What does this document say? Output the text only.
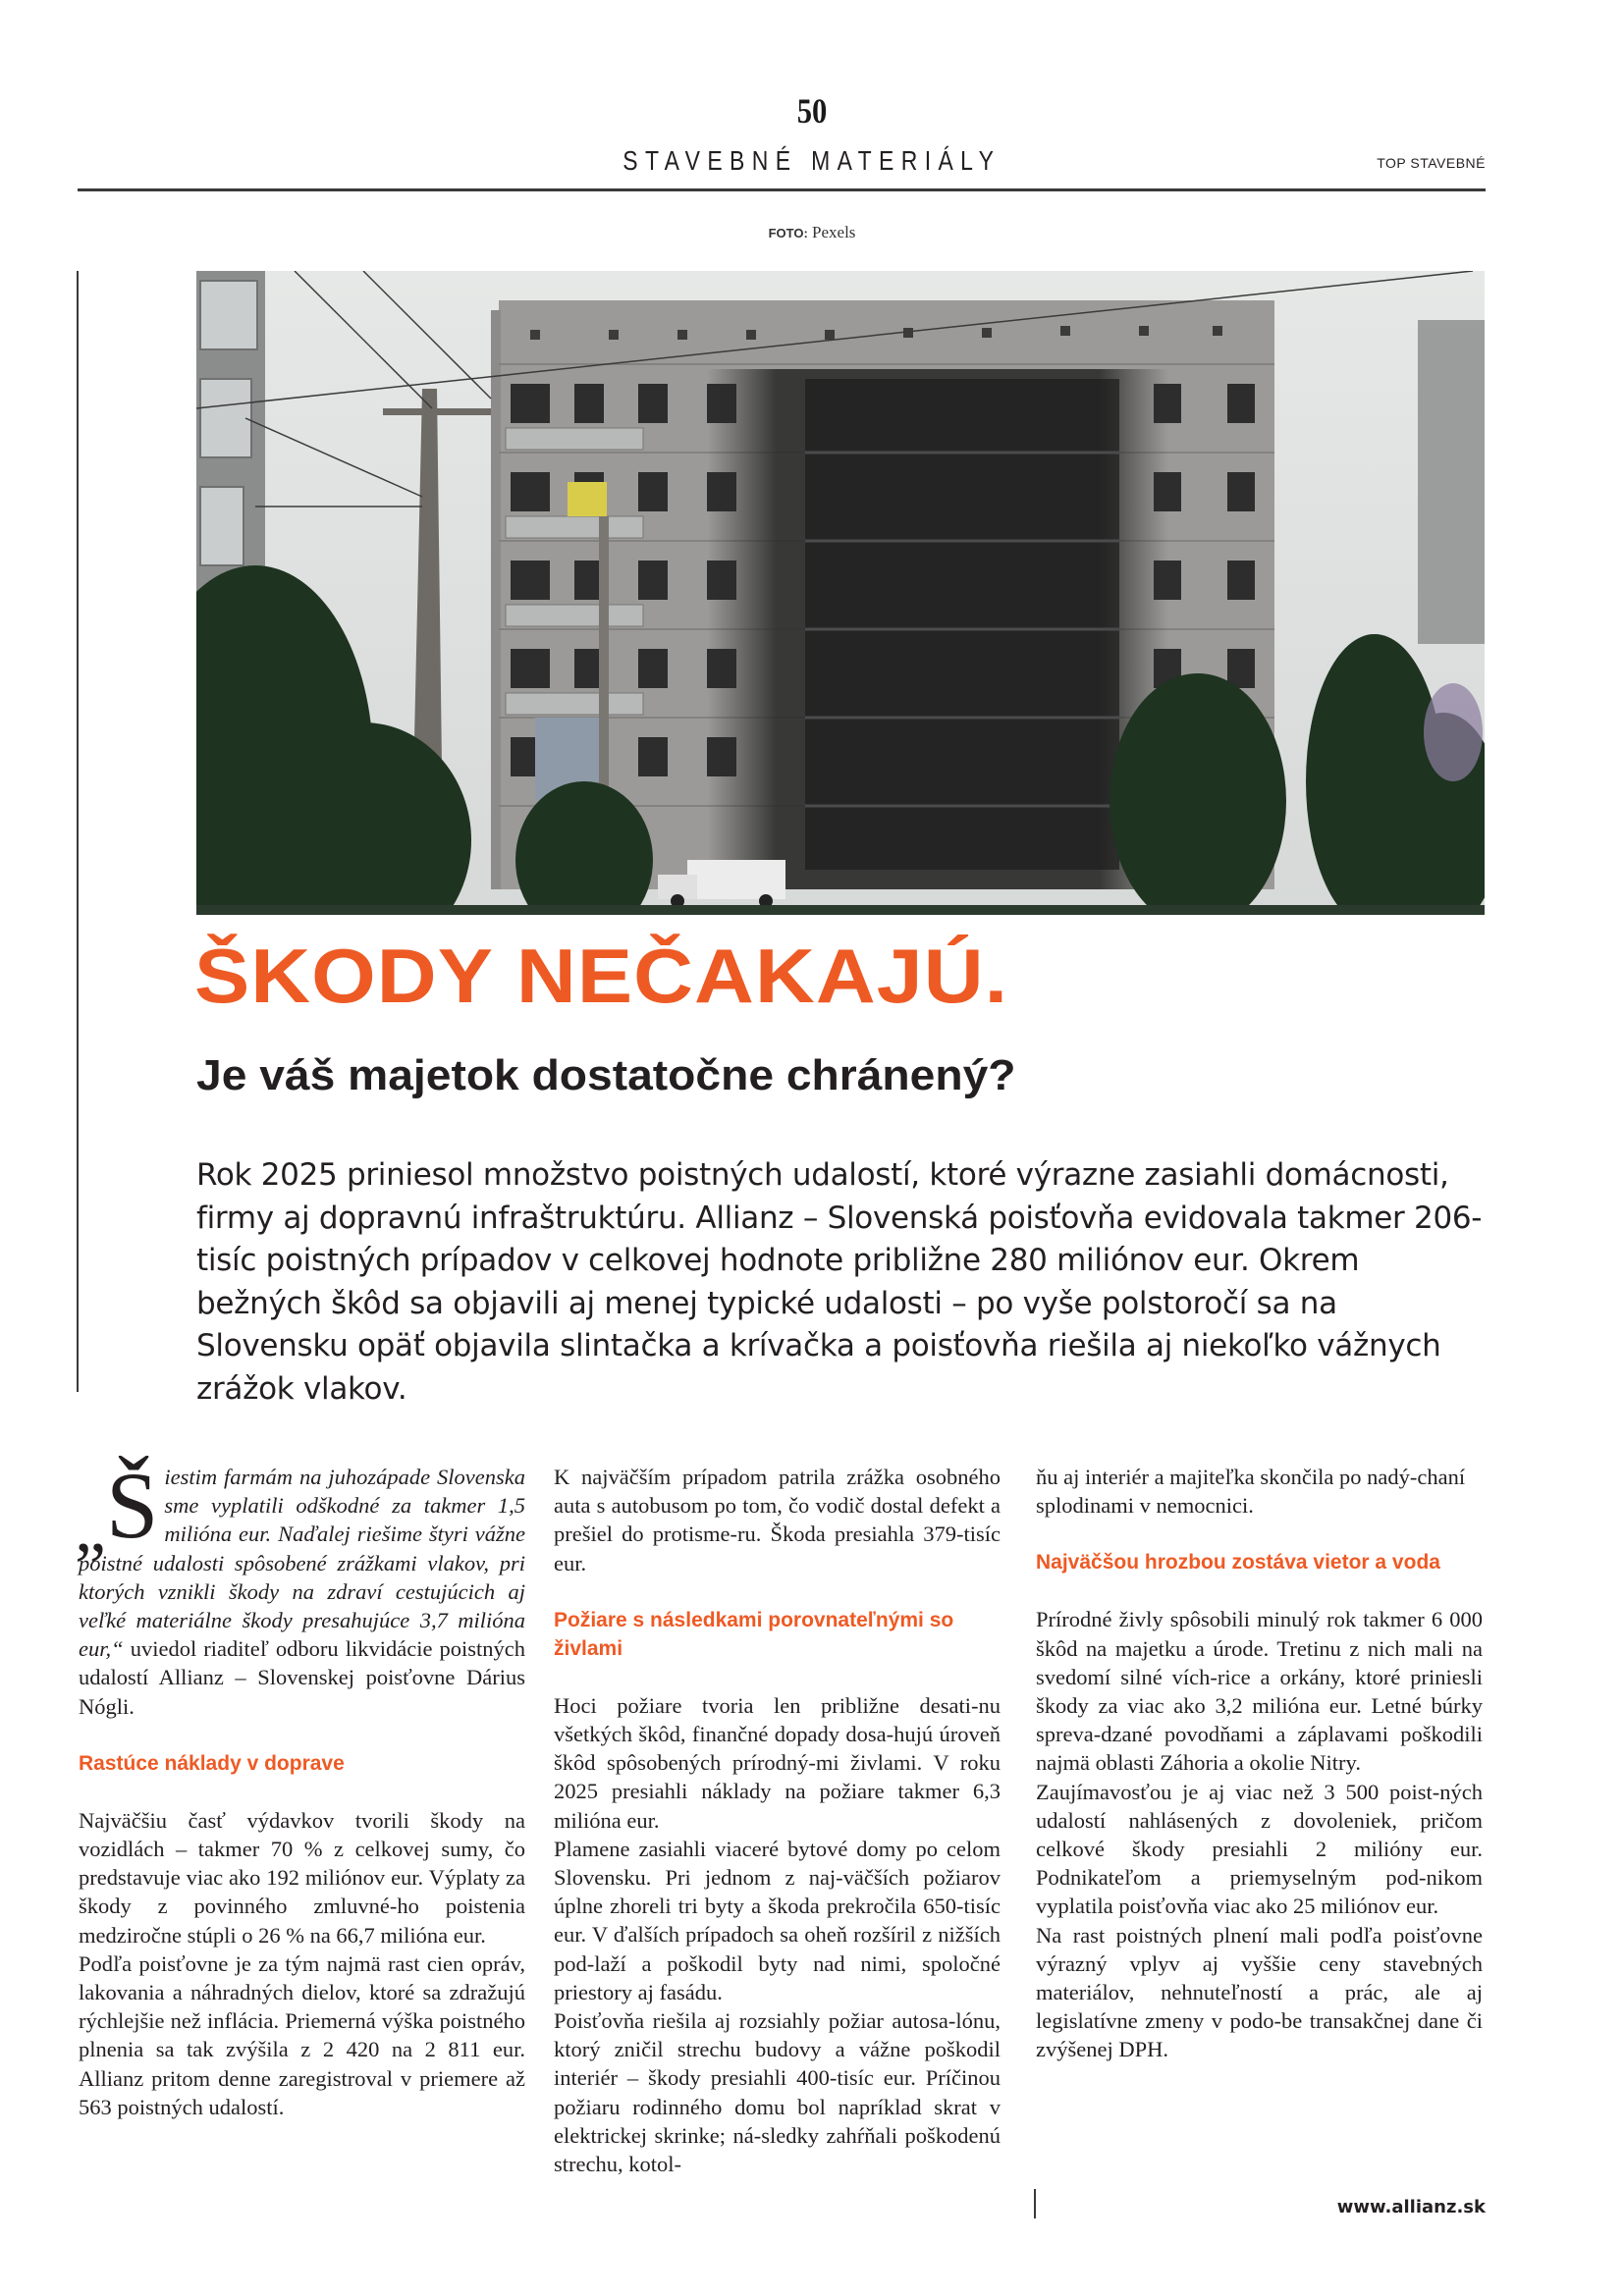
50
STAVEBNÉ MATERIÁLY	TOP STAVEBNÉ
FOTO: Pexels
ŠKODY NEČAKAJÚ.
Je váš majetok dostatočne chránený?

Rok 2025 priniesol množstvo poistných udalostí, ktoré výrazne zasiahli domácnosti, firmy aj dopravnú infraštruktúru. Allianz – Slovenská poisťovňa evidovala takmer 206-tisíc poistných prípadov v celkovej hodnote približne 280 miliónov eur. Okrem bežných škôd sa objavili aj menej typické udalosti – po vyše polstoročí sa na Slovensku opäť objavila slintačka a krívačka a poisťovňa riešila aj niekoľko vážnych zrážok vlakov.

„ Š iestim farmám na juhozápade Slovenska sme vyplatili odškodné za takmer 1,5 milióna eur. Naďalej riešime štyri vážne poistné udalosti spôsobené zrážkami vlakov, pri ktorých vznikli škody na zdraví cestujúcich aj veľké materiálne škody presahujúce 3,7 milióna eur,“ uviedol riaditeľ odboru likvidácie poistných udalostí Allianz – Slovenskej poisťovne Dárius Nógli.

Rastúce náklady v doprave

Najväčšiu časť výdavkov tvorili škody na vozidlách – takmer 70 % z celkovej sumy, čo predstavuje viac ako 192 miliónov eur. Výplaty za škody z povinného zmluvné-ho poistenia medziročne stúpli o 26 % na 66,7 milióna eur.

Podľa poisťovne je za tým najmä rast cien opráv, lakovania a náhradných dielov, ktoré sa zdražujú rýchlejšie než inflácia. Priemerná výška poistného plnenia sa tak zvýšila z 2 420 na 2 811 eur. Allianz pritom denne zaregistroval v priemere až 563 poistných udalostí.

K najväčším prípadom patrila zrážka osobného auta s autobusom po tom, čo vodič dostal defekt a prešiel do protisme-ru. Škoda presiahla 379-tisíc eur.

Požiare s následkami porovnateľnými so živlami

Hoci požiare tvoria len približne desati-nu všetkých škôd, finančné dopady dosa-hujú úroveň škôd spôsobených prírodný-mi živlami. V roku 2025 presiahli náklady na požiare takmer 6,3 milióna eur.

Plamene zasiahli viaceré bytové domy po celom Slovensku. Pri jednom z naj-väčších požiarov úplne zhoreli tri byty a škoda prekročila 650-tisíc eur. V ďalších prípadoch sa oheň rozšíril z nižších pod-laží a poškodil byty nad nimi, spoločné priestory aj fasádu.

Poisťovňa riešila aj rozsiahly požiar autosa-lónu, ktorý zničil strechu budovy a vážne poškodil interiér – škody presiahli 400-tisíc eur. Príčinou požiaru rodinného domu bol napríklad skrat v elektrickej skrinke; ná-sledky zahŕňali poškodenú strechu, kotol-

ňu aj interiér a majiteľka skončila po nadý-chaní splodinami v nemocnici.

Najväčšou hrozbou zostáva vietor a voda

Prírodné živly spôsobili minulý rok takmer 6 000 škôd na majetku a úrode. Tretinu z nich mali na svedomí silné vích-rice a orkány, ktoré priniesli škody za viac ako 3,2 milióna eur. Letné búrky spreva-dzané povodňami a záplavami poškodili najmä oblasti Záhoria a okolie Nitry.

Zaujímavosťou je aj viac než 3 500 poist-ných udalostí nahlásených z dovoleniek, pričom celkové škody presiahli 2 milióny eur. Podnikateľom a priemyselným pod-nikom vyplatila poisťovňa viac ako 25 miliónov eur.

Na rast poistných plnení mali podľa poisťovne výrazný vplyv aj vyššie ceny stavebných materiálov, nehnuteľností a prác, ale aj legislatívne zmeny v podo-be transakčnej dane či zvýšenej DPH.

www.allianz.sk
